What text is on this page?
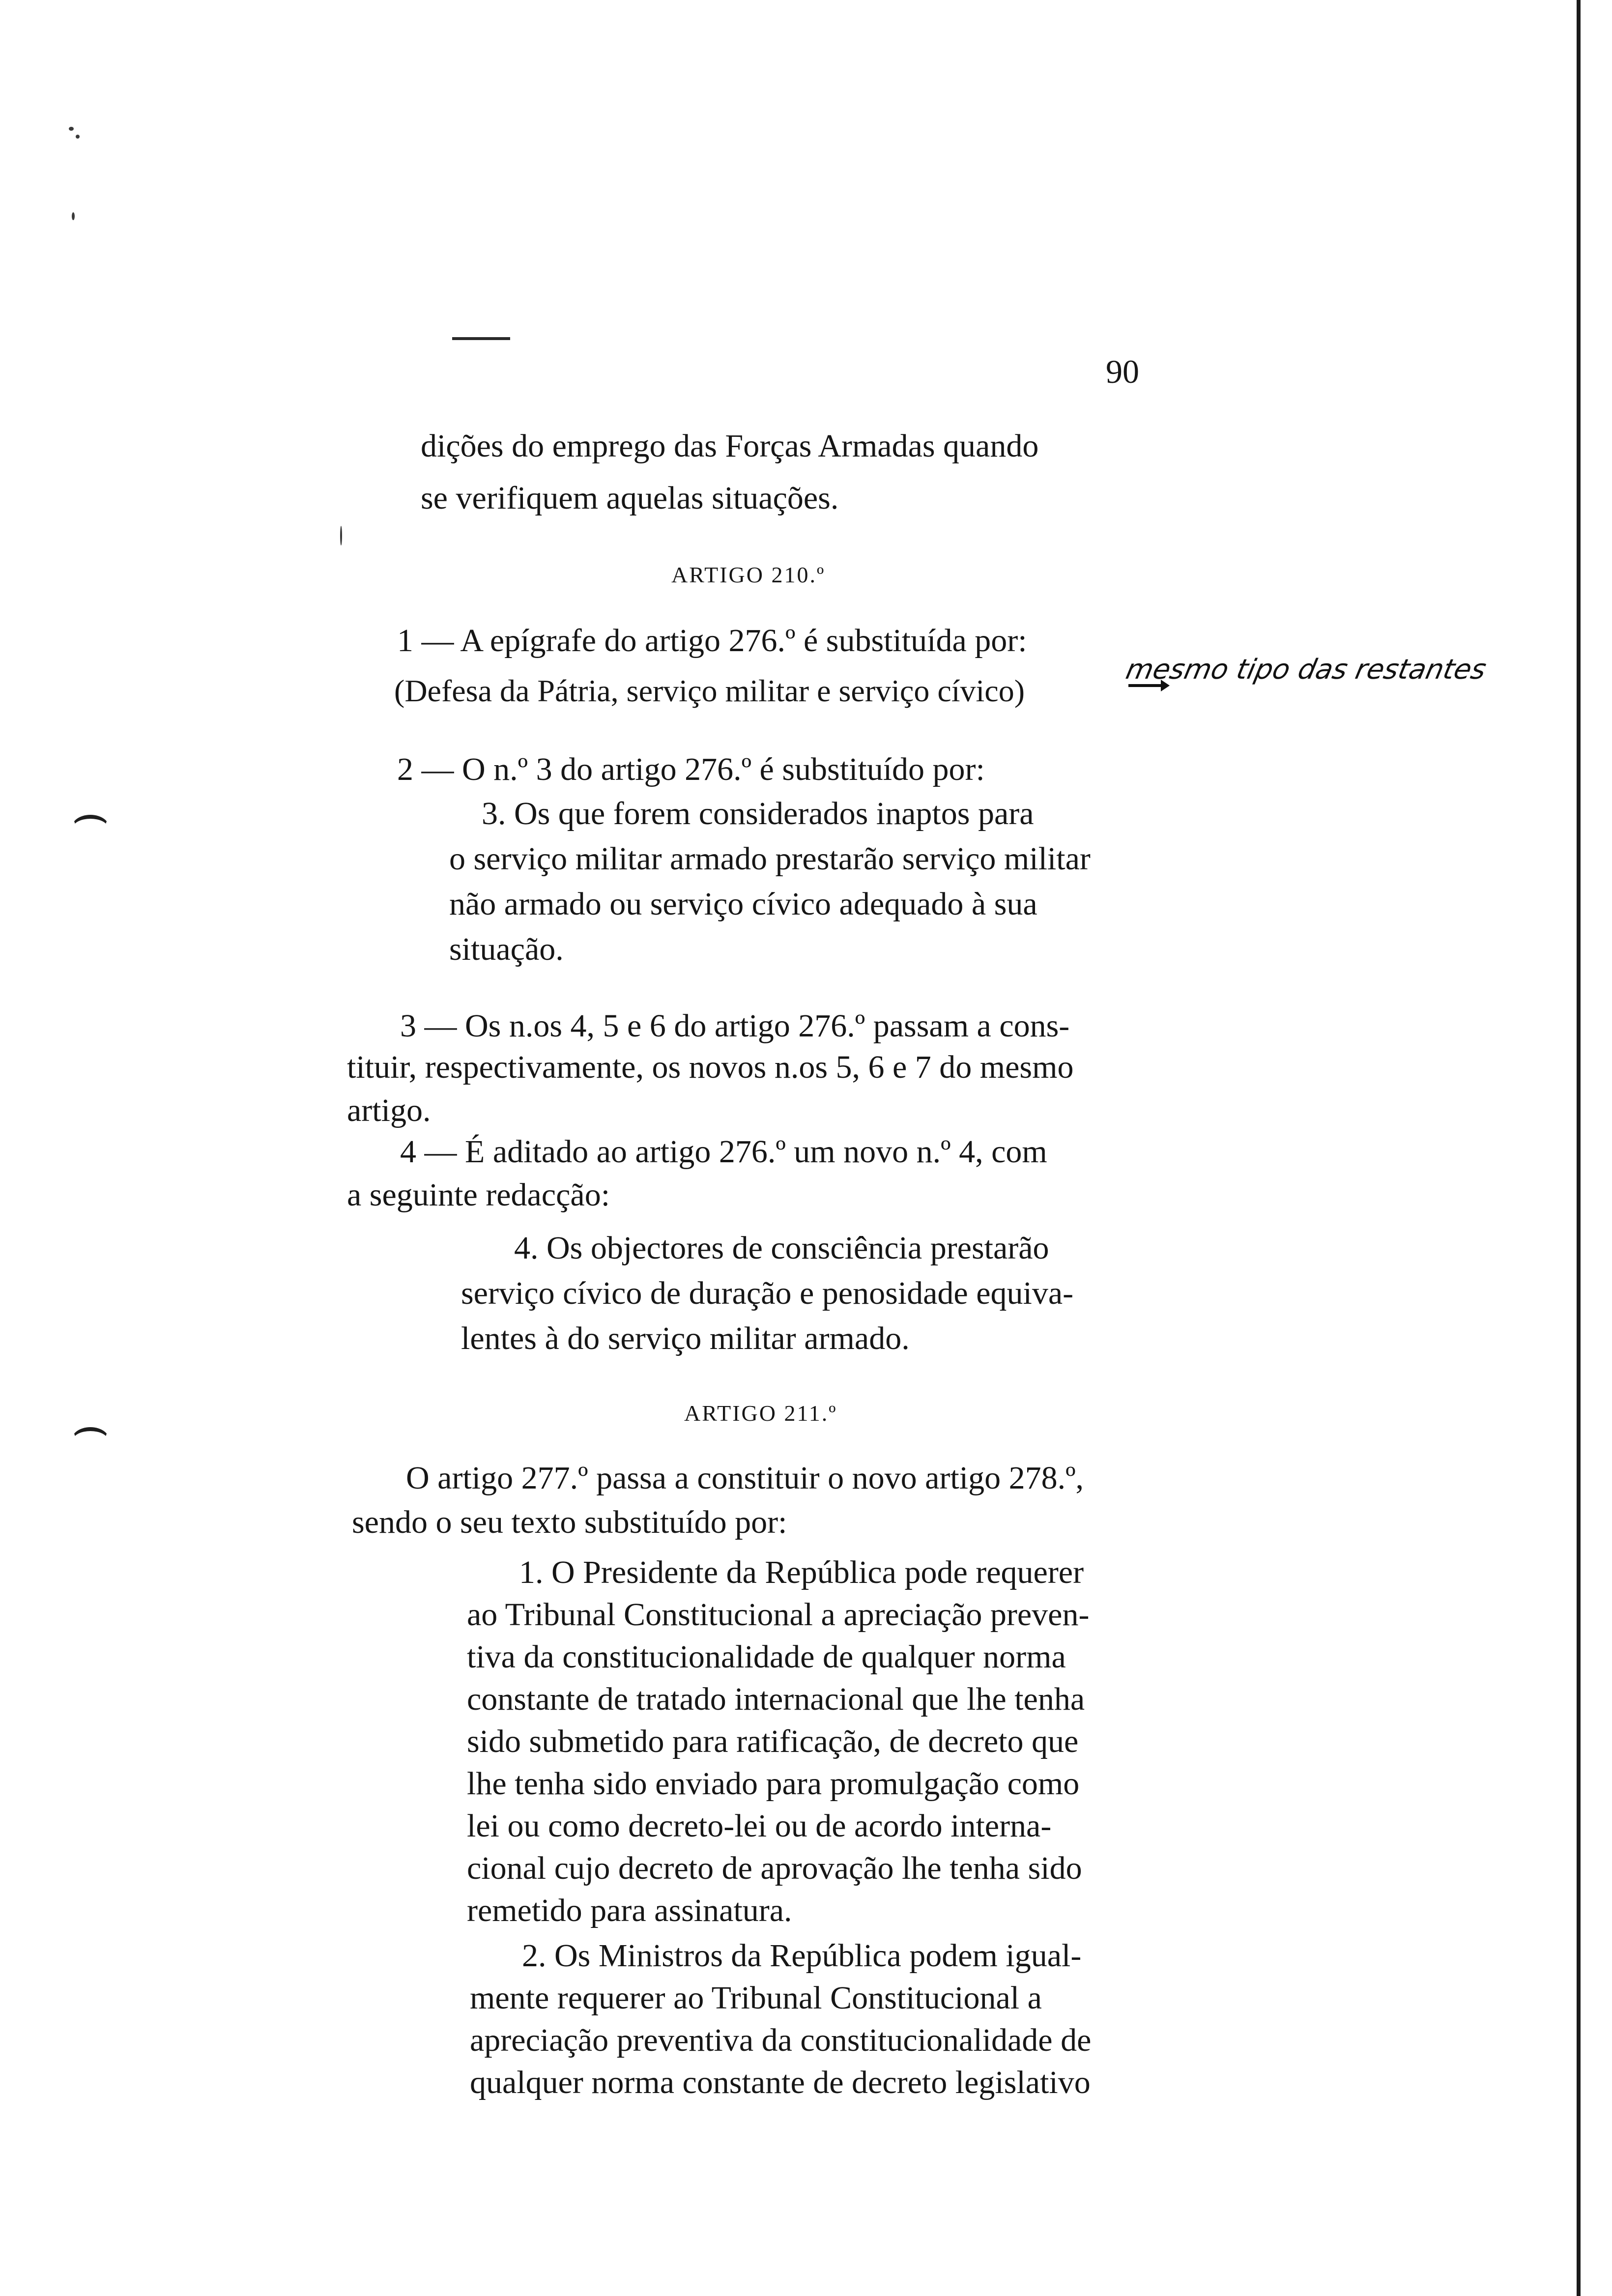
90
dições do emprego das Forças Armadas quando
se verifiquem aquelas situações.
ARTIGO 210.º
1 — A epígrafe do artigo 276.º é substituída por:
(Defesa da Pátria, serviço militar e serviço cívico)
mesmo tipo das restantes
2 — O n.º 3 do artigo 276.º é substituído por:
3. Os que forem considerados inaptos para
o serviço militar armado prestarão serviço militar
não armado ou serviço cívico adequado à sua
situação.
3 — Os n.os 4, 5 e 6 do artigo 276.º passam a cons-
tituir, respectivamente, os novos n.os 5, 6 e 7 do mesmo
artigo.
4 — É aditado ao artigo 276.º um novo n.º 4, com
a seguinte redacção:
4. Os objectores de consciência prestarão
serviço cívico de duração e penosidade equiva-
lentes à do serviço militar armado.
ARTIGO 211.º
O artigo 277.º passa a constituir o novo artigo 278.º,
sendo o seu texto substituído por:
1. O Presidente da República pode requerer
ao Tribunal Constitucional a apreciação preven-
tiva da constitucionalidade de qualquer norma
constante de tratado internacional que lhe tenha
sido submetido para ratificação, de decreto que
lhe tenha sido enviado para promulgação como
lei ou como decreto-lei ou de acordo interna-
cional cujo decreto de aprovação lhe tenha sido
remetido para assinatura.
2. Os Ministros da República podem igual-
mente requerer ao Tribunal Constitucional a
apreciação preventiva da constitucionalidade de
qualquer norma constante de decreto legislativo
